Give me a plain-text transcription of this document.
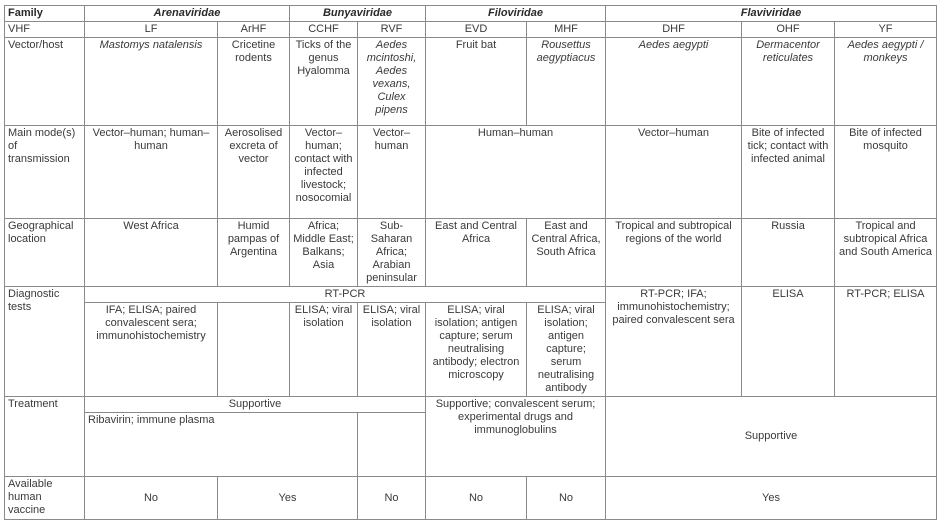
Family	Arenaviridae		Bunyaviridae		Filoviridae		Flaviviridae		
VHF	LF	ArHF	CCHF	RVF	EVD	MHF	DHF	OHF	YF
Vector/host	Mastomys natalensis	Cricetine rodents	Ticks of the genus Hyalomma	Aedes mcintoshi, Aedes vexans, Culex pipens	Fruit bat	Rousettus aegyptiacus	Aedes aegypti	Dermacentor reticulates	Aedes aegypti / monkeys
Main mode(s) of transmission	Vector–human; human–human	Aerosolised excreta of vector	Vector–human; contact with infected livestock; nosocomial	Vector–human	Human–human		Vector–human	Bite of infected tick; contact with infected animal	Bite of infected mosquito
Geographical location	West Africa	Humid pampas of Argentina	Africa; Middle East; Balkans; Asia	Sub-Saharan Africa; Arabian peninsular	East and Central Africa	East and Central Africa, South Africa	Tropical and subtropical regions of the world	Russia	Tropical and subtropical Africa and South America
Diagnostic tests	RT-PCR						RT-PCR; IFA; immunohistochemistry; paired convalescent sera	ELISA	RT-PCR; ELISA
	IFA; ELISA; paired convalescent sera; immunohistochemistry		ELISA; viral isolation	ELISA; viral isolation	ELISA; viral isolation; antigen capture; serum neutralising antibody; electron microscopy	ELISA; viral isolation; antigen capture; serum neutralising antibody			
Treatment	Supportive				Supportive; convalescent serum; experimental drugs and immunoglobulins		Supportive		
	Ribavirin; immune plasma								
Available human vaccine	No	Yes		No	No	No	Yes		
